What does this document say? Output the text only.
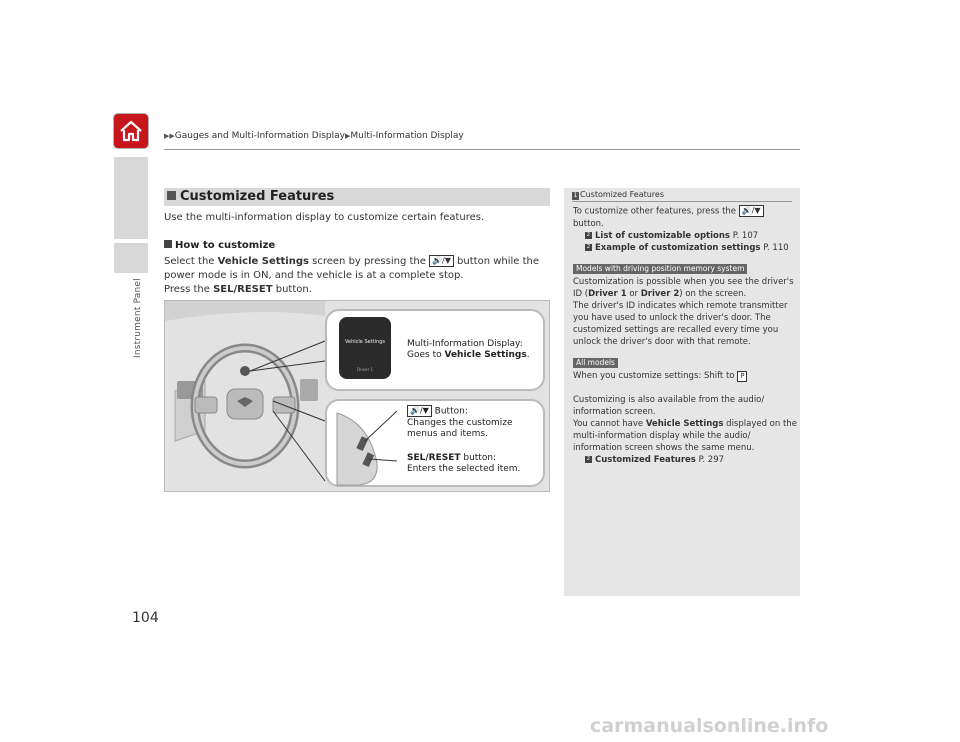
Instrument Panel
▶▶Gauges and Multi-Information Display▶Multi-Information Display
Customized Features
Use the multi-information display to customize certain features.
How to customize
Select the Vehicle Settings screen by pressing the 🔊/▼ button while the power mode is in ON, and the vehicle is at a complete stop.
Press the SEL/RESET button.
Vehicle Settings
Driver 1
Multi-Information Display:
Goes to Vehicle Settings.
🔊/▼ Button:
Changes the customize
menus and items.
SEL/RESET button:
Enters the selected item.
1 Customized Features
To customize other features, press the 🔊/▼
button.

2 List of customizable options P. 107
2 Example of customization settings P. 110
Models with driving position memory system
Customization is possible when you see the driver's
ID (Driver 1 or Driver 2) on the screen.
The driver's ID indicates which remote transmitter
you have used to unlock the driver's door. The
customized settings are recalled every time you
unlock the driver's door with that remote.

All models
When you customize settings: Shift to P

Customizing is also available from the audio/
information screen.
You cannot have Vehicle Settings displayed on the
multi-information display while the audio/
information screen shows the same menu.

2 Customized Features P. 297
104
carmanualsonline.info
